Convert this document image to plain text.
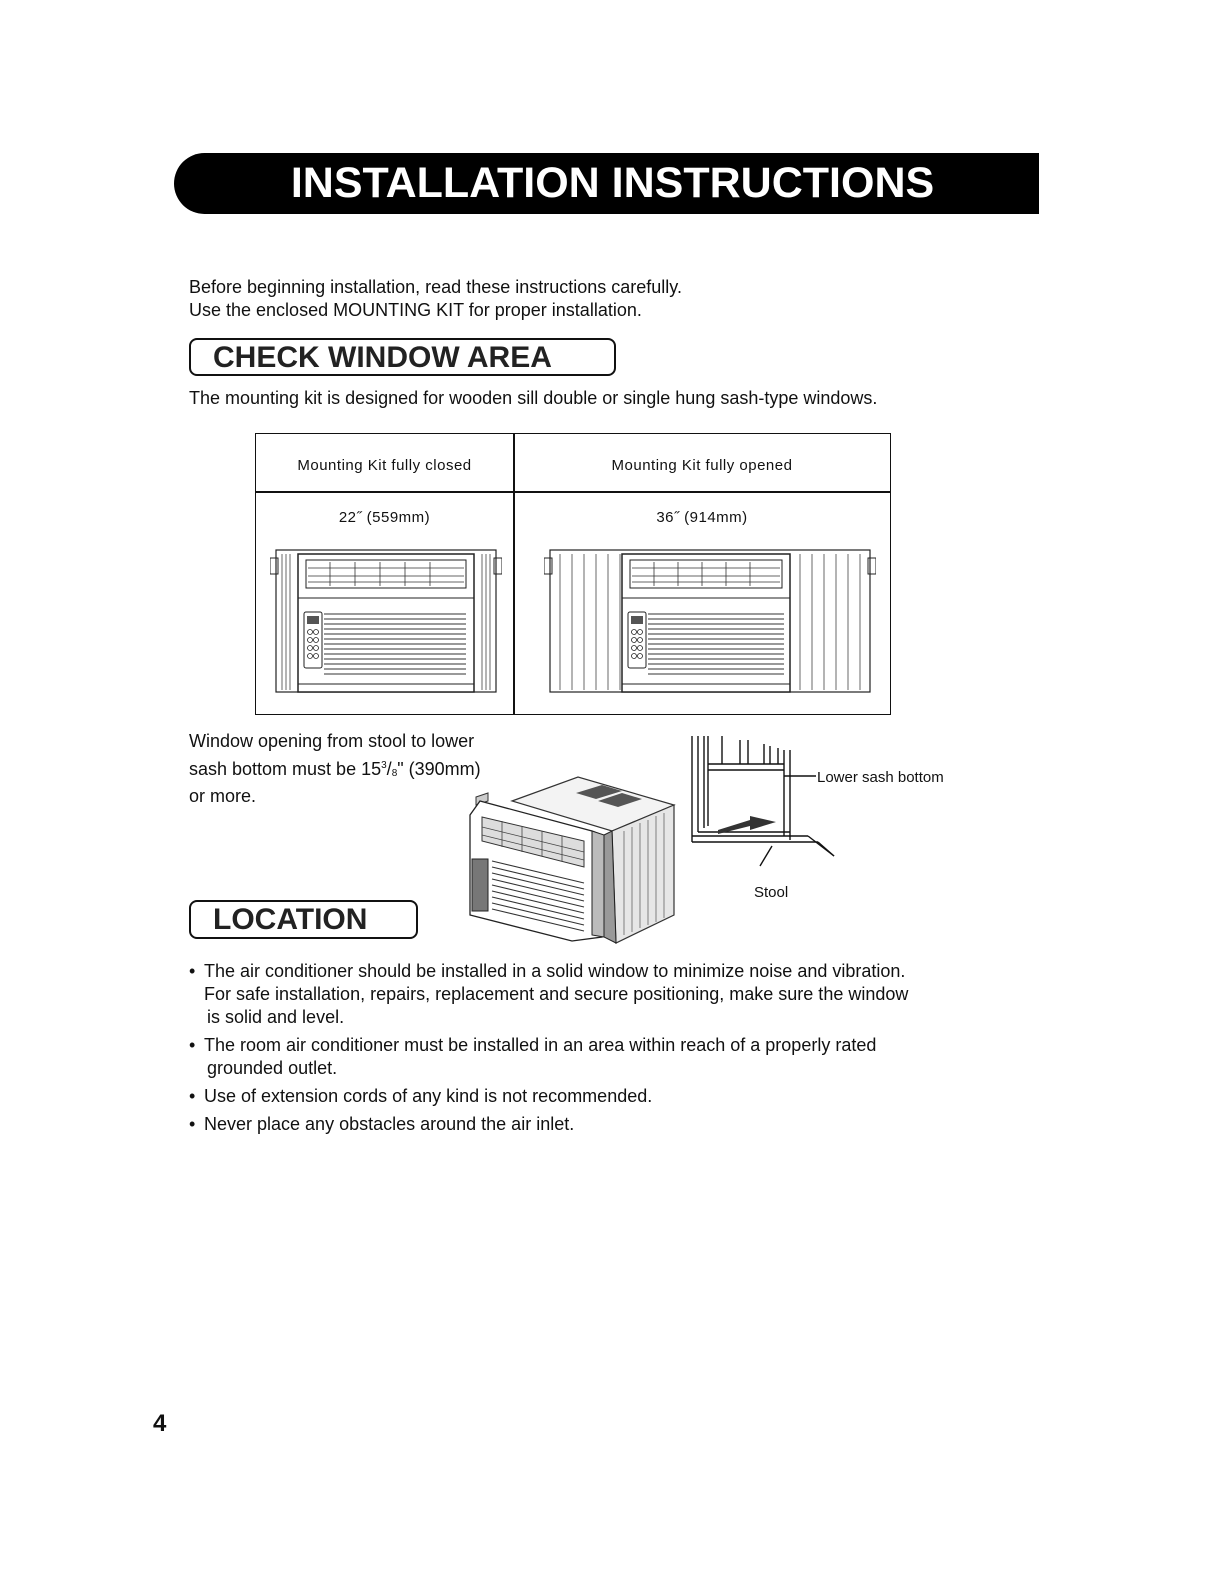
INSTALLATION INSTRUCTIONS
Before beginning installation, read these instructions carefully.
Use the enclosed MOUNTING KIT for proper installation.
CHECK WINDOW AREA
The mounting kit is designed for wooden sill double or single hung sash-type windows.
Mounting Kit fully closed	Mounting Kit fully opened
22˝ (559mm)	36˝ (914mm)
Window opening from stool to lower
sash bottom must be $15^3/_8$" (390mm)
or more.
Lower sash bottom
Stool
LOCATION
• The air conditioner should be installed in a solid window to minimize noise and vibration.
For safe installation, repairs, replacement and secure positioning, make sure the window
is solid and level.
• The room air conditioner must be installed in an area within reach of a properly rated
grounded outlet.
• Use of extension cords of any kind is not recommended.
• Never place any obstacles around the air inlet.
4
